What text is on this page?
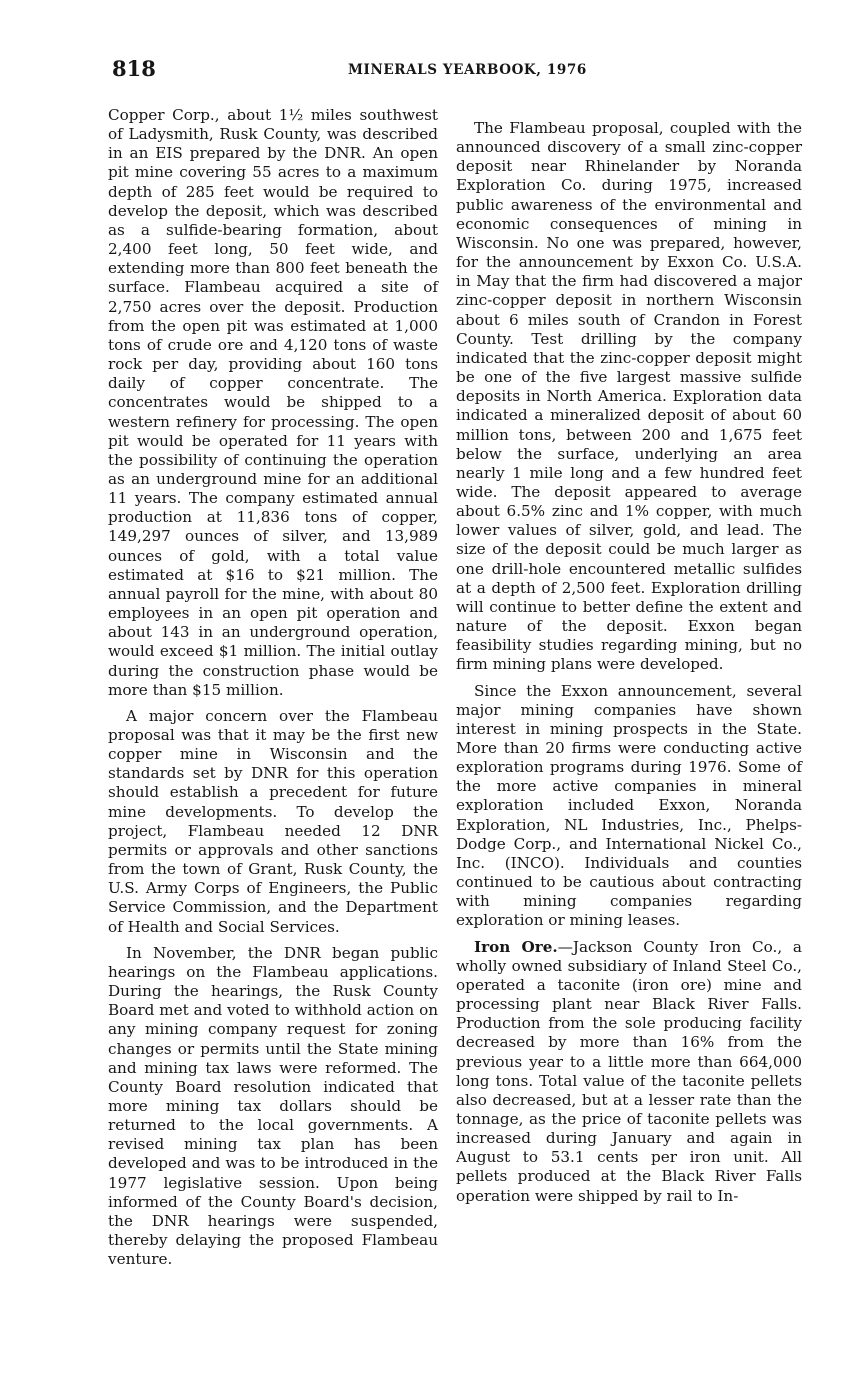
818	MINERALS YEARBOOK, 1976

Copper Corp., about 1½ miles southwest of Ladysmith, Rusk County, was described in an EIS prepared by the DNR. An open pit mine covering 55 acres to a maximum depth of 285 feet would be required to develop the deposit, which was described as a sulfide-bearing formation, about 2,400 feet long, 50 feet wide, and extending more than 800 feet beneath the surface. Flambeau acquired a site of 2,750 acres over the deposit. Production from the open pit was estimated at 1,000 tons of crude ore and 4,120 tons of waste rock per day, providing about 160 tons daily of copper concentrate. The concentrates would be shipped to a western refinery for processing. The open pit would be operated for 11 years with the possibility of continuing the operation as an underground mine for an additional 11 years. The company estimated annual production at 11,836 tons of copper, 149,297 ounces of silver, and 13,989 ounces of gold, with a total value estimated at $16 to $21 million. The annual payroll for the mine, with about 80 employees in an open pit operation and about 143 in an underground operation, would exceed $1 million. The initial outlay during the construction phase would be more than $15 million.

A major concern over the Flambeau proposal was that it may be the first new copper mine in Wisconsin and the standards set by DNR for this operation should establish a precedent for future mine developments. To develop the project, Flambeau needed 12 DNR permits or approvals and other sanctions from the town of Grant, Rusk County, the U.S. Army Corps of Engineers, the Public Service Commission, and the Department of Health and Social Services.

In November, the DNR began public hearings on the Flambeau applications. During the hearings, the Rusk County Board met and voted to withhold action on any mining company request for zoning changes or permits until the State mining and mining tax laws were reformed. The County Board resolution indicated that more mining tax dollars should be returned to the local governments. A revised mining tax plan has been developed and was to be introduced in the 1977 legislative session. Upon being informed of the County Board's decision, the DNR hearings were suspended, thereby delaying the proposed Flambeau venture.

The Flambeau proposal, coupled with the announced discovery of a small zinc-copper deposit near Rhinelander by Noranda Exploration Co. during 1975, increased public awareness of the environmental and economic consequences of mining in Wisconsin. No one was prepared, however, for the announcement by Exxon Co. U.S.A. in May that the firm had discovered a major zinc-copper deposit in northern Wisconsin about 6 miles south of Crandon in Forest County. Test drilling by the company indicated that the zinc-copper deposit might be one of the five largest massive sulfide deposits in North America. Exploration data indicated a mineralized deposit of about 60 million tons, between 200 and 1,675 feet below the surface, underlying an area nearly 1 mile long and a few hundred feet wide. The deposit appeared to average about 6.5% zinc and 1% copper, with much lower values of silver, gold, and lead. The size of the deposit could be much larger as one drill-hole encountered metallic sulfides at a depth of 2,500 feet. Exploration drilling will continue to better define the extent and nature of the deposit. Exxon began feasibility studies regarding mining, but no firm mining plans were developed.

Since the Exxon announcement, several major mining companies have shown interest in mining prospects in the State. More than 20 firms were conducting active exploration programs during 1976. Some of the more active companies in mineral exploration included Exxon, Noranda Exploration, NL Industries, Inc., Phelps-Dodge Corp., and International Nickel Co., Inc. (INCO). Individuals and counties continued to be cautious about contracting with mining companies regarding exploration or mining leases.

Iron Ore.—Jackson County Iron Co., a wholly owned subsidiary of Inland Steel Co., operated a taconite (iron ore) mine and processing plant near Black River Falls. Production from the sole producing facility decreased by more than 16% from the previous year to a little more than 664,000 long tons. Total value of the taconite pellets also decreased, but at a lesser rate than the tonnage, as the price of taconite pellets was increased during January and again in August to 53.1 cents per iron unit. All pellets produced at the Black River Falls operation were shipped by rail to In-
